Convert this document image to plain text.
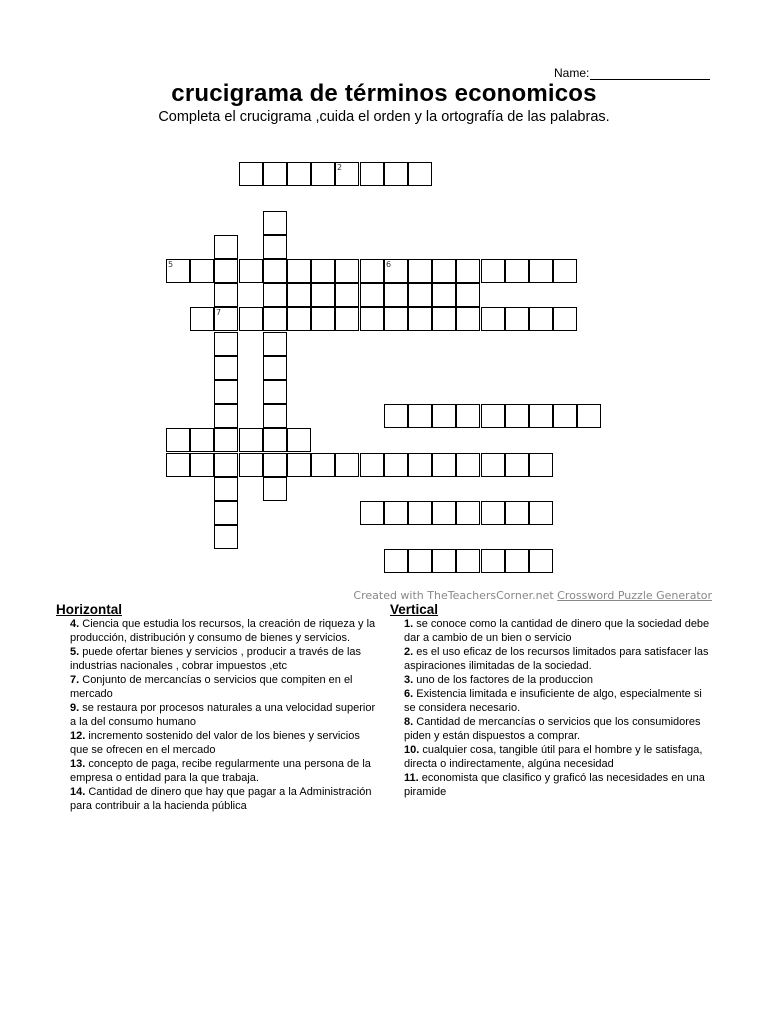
Name:
crucigrama de términos economicos
Completa el crucigrama ,cuida el orden y la ortografía de las palabras.
5	6
7
2
Created with TheTeachersCorner.net Crossword Puzzle Generator
Horizontal
4. Ciencia que estudia los recursos, la creación de riqueza y la producción, distribución y consumo de bienes y servicios.
5. puede ofertar bienes y servicios , producir a través de las industrias nacionales , cobrar impuestos ,etc
7. Conjunto de mercancías o servicios que compiten en el mercado
9. se restaura por procesos naturales a una velocidad superior a la del consumo humano
12. incremento sostenido del valor de los bienes y servicios que se ofrecen en el mercado
13. concepto de paga, recibe regularmente una persona de la empresa o entidad para la que trabaja.
14. Cantidad de dinero que hay que pagar a la Administración para contribuir a la hacienda pública
Vertical
1. se conoce como la cantidad de dinero que la sociedad debe dar a cambio de un bien o servicio
2. es el uso eficaz de los recursos limitados para satisfacer las aspiraciones ilimitadas de la sociedad.
3. uno de los factores de la produccion
6. Existencia limitada e insuficiente de algo, especialmente si se considera necesario.
8. Cantidad de mercancías o servicios que los consumidores piden y están dispuestos a comprar.
10. cualquier cosa, tangible útil para el hombre y le satisfaga, directa o indirectamente, algúna necesidad
11. economista que clasifico y graficó las necesidades en una piramide
